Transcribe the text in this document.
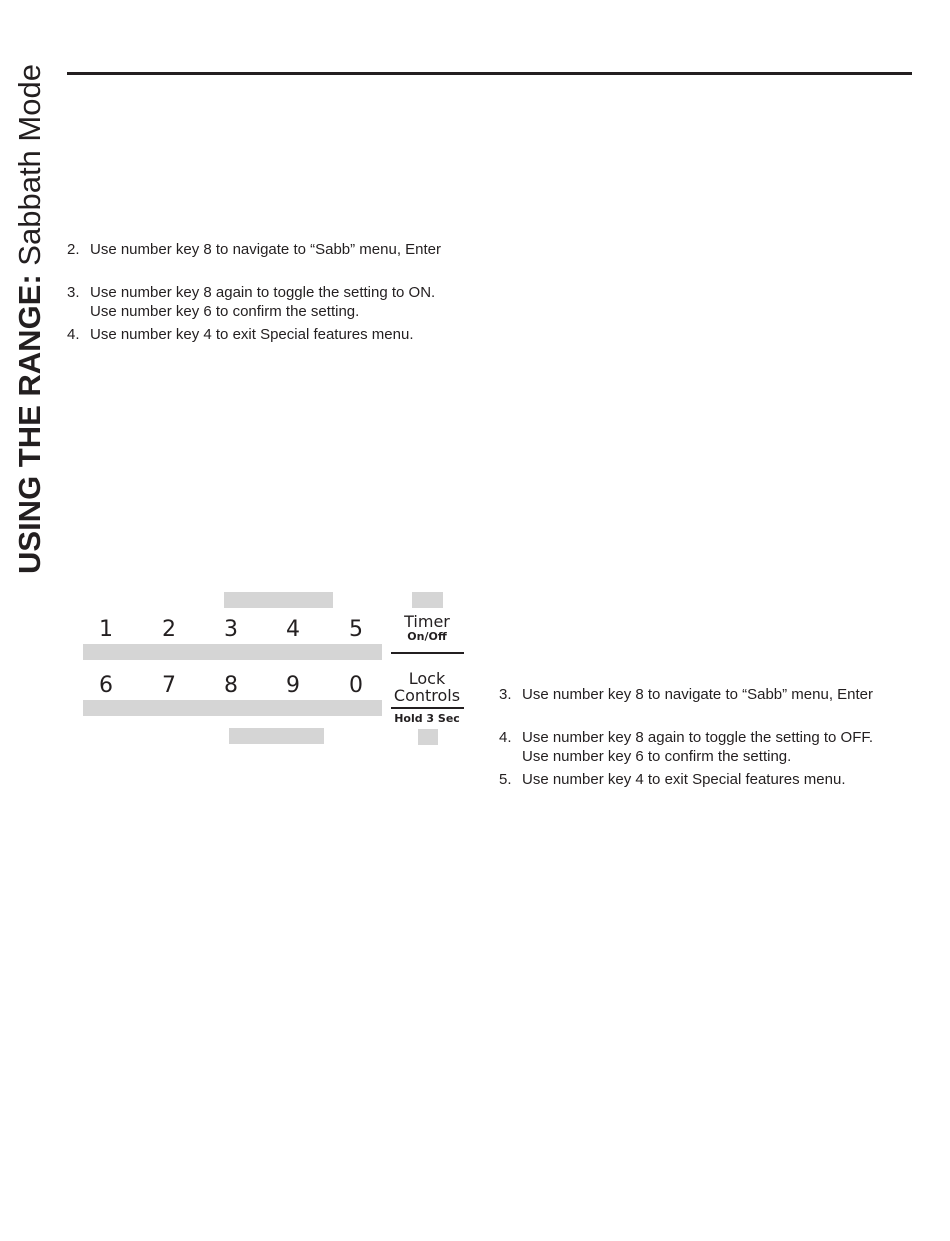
USING THE RANGE: Sabbath Mode 2. Use number key 8 to navigate to “Sabb” menu, Enter
3. Use number key 8 again to toggle the setting to ON.
Use number key 6 to confirm the setting.
4. Use number key 4 to exit Special features menu.
1	2	3	4	5
6	7	8	9	0
Timer
On/Off
Lock
Controls
Hold 3 Sec
3. Use number key 8 to navigate to “Sabb” menu, Enter
4. Use number key 8 again to toggle the setting to OFF.
Use number key 6 to confirm the setting.
5. Use number key 4 to exit Special features menu.
